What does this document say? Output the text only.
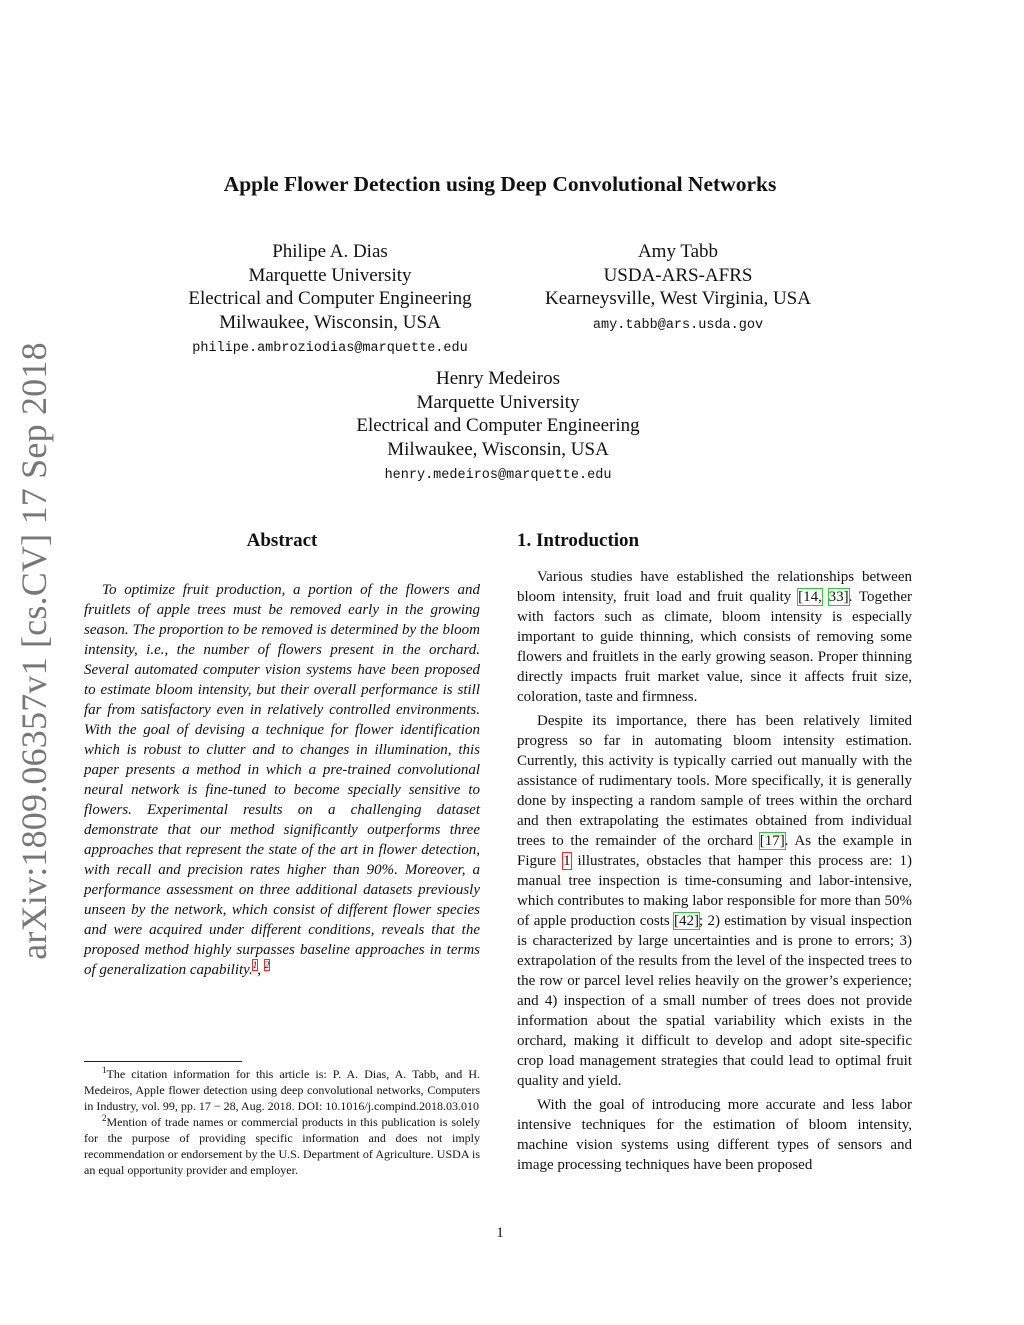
arXiv:1809.06357v1 [cs.CV] 17 Sep 2018
Apple Flower Detection using Deep Convolutional Networks
Philipe A. Dias
Marquette University
Electrical and Computer Engineering
Milwaukee, Wisconsin, USA
philipe.ambroziodias@marquette.edu
Amy Tabb
USDA-ARS-AFRS
Kearneysville, West Virginia, USA
amy.tabb@ars.usda.gov
Henry Medeiros
Marquette University
Electrical and Computer Engineering
Milwaukee, Wisconsin, USA
henry.medeiros@marquette.edu
Abstract

To optimize fruit production, a portion of the flowers and fruitlets of apple trees must be removed early in the growing season. The proportion to be removed is determined by the bloom intensity, i.e., the number of flowers present in the orchard. Several automated computer vision systems have been proposed to estimate bloom intensity, but their overall performance is still far from satisfactory even in relatively controlled environments. With the goal of devising a technique for flower identification which is robust to clutter and to changes in illumination, this paper presents a method in which a pre-trained convolutional neural network is fine-tuned to become specially sensitive to flowers. Experimental results on a challenging dataset demonstrate that our method significantly outperforms three approaches that represent the state of the art in flower detection, with recall and precision rates higher than 90%. Moreover, a performance assessment on three additional datasets previously unseen by the network, which consist of different flower species and were acquired under different conditions, reveals that the proposed method highly surpasses baseline approaches in terms of generalization capability.$^1$, $^2$

1. Introduction

Various studies have established the relationships between bloom intensity, fruit load and fruit quality [14, 33]. Together with factors such as climate, bloom intensity is especially important to guide thinning, which consists of removing some flowers and fruitlets in the early growing season. Proper thinning directly impacts fruit market value, since it affects fruit size, coloration, taste and firmness.

Despite its importance, there has been relatively limited progress so far in automating bloom intensity estimation. Currently, this activity is typically carried out manually with the assistance of rudimentary tools. More specifically, it is generally done by inspecting a random sample of trees within the orchard and then extrapolating the estimates obtained from individual trees to the remainder of the orchard [17]. As the example in Figure 1 illustrates, obstacles that hamper this process are: 1) manual tree inspection is time-consuming and labor-intensive, which contributes to making labor responsible for more than 50% of apple production costs [42]; 2) estimation by visual inspection is characterized by large uncertainties and is prone to errors; 3) extrapolation of the results from the level of the inspected trees to the row or parcel level relies heavily on the grower’s experience; and 4) inspection of a small number of trees does not provide information about the spatial variability which exists in the orchard, making it difficult to develop and adopt site-specific crop load management strategies that could lead to optimal fruit quality and yield.

With the goal of introducing more accurate and less labor intensive techniques for the estimation of bloom intensity, machine vision systems using different types of sensors and image processing techniques have been proposed

$^1$The citation information for this article is: P. A. Dias, A. Tabb, and H. Medeiros, Apple flower detection using deep convolutional networks, Computers in Industry, vol. 99, pp. 17 − 28, Aug. 2018. DOI: 10.1016/j.compind.2018.03.010

$^2$Mention of trade names or commercial products in this publication is solely for the purpose of providing specific information and does not imply recommendation or endorsement by the U.S. Department of Agriculture. USDA is an equal opportunity provider and employer.

1
